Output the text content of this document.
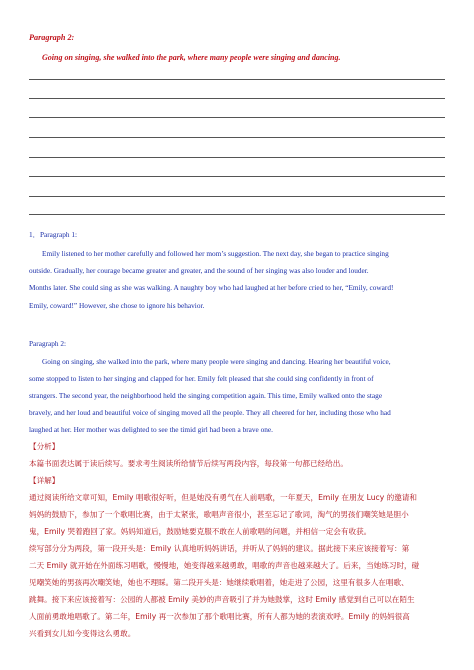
Paragraph 2:
Going on singing, she walked into the park, where many people were singing and dancing.
1．Paragraph 1:
Emily listened to her mother carefully and followed her mom’s suggestion. The next day, she began to practice singing
outside. Gradually, her courage became greater and greater, and the sound of her singing was also louder and louder.
Months later. She could sing as she was walking. A naughty boy who had laughed at her before cried to her, “Emily, coward!
Emily, coward!” However, she chose to ignore his behavior.
Paragraph 2:
Going on singing, she walked into the park, where many people were singing and dancing. Hearing her beautiful voice,
some stopped to listen to her singing and clapped for her. Emily felt pleased that she could sing confidently in front of
strangers. The second year, the neighborhood held the singing competition again. This time, Emily walked onto the stage
bravely, and her loud and beautiful voice of singing moved all the people. They all cheered for her, including those who had
laughed at her. Her mother was delighted to see the timid girl had been a brave one.
【分析】
本篇书面表达属于读后续写。要求考生阅读所给情节后续写两段内容，每段第一句都已经给出。
【详解】
通过阅读所给文章可知，Emily 唱歌很好听，但是她没有勇气在人前唱歌，一年夏天，Emily 在朋友 Lucy 的邀请和
妈妈的鼓励下，参加了一个歌唱比赛，由于太紧张，歌唱声音很小，甚至忘记了歌词，淘气的男孩们嘲笑她是胆小
鬼，Emily 哭着跑回了家。妈妈知道后，鼓励她要克服不敢在人前歌唱的问题，并相信一定会有收获。
续写部分分为两段，第一段开头是：Emily 认真地听妈妈讲话，并听从了妈妈的建议。据此接下来应该接着写：第
二天 Emily 就开始在外面练习唱歌，慢慢地，她变得越来越勇敢，唱歌的声音也越来越大了。后来，当她练习时，碰
见嘲笑她的男孩再次嘲笑她，她也不理睬。第二段开头是：她继续歌唱着，她走进了公园，这里有很多人在唱歌、
跳舞。接下来应该接着写：公园的人都被 Emily 美妙的声音吸引了并为她鼓掌，这时 Emily 感觉到自己可以在陌生
人面前勇敢地唱歌了。第二年，Emily 再一次参加了那个歌唱比赛，所有人都为她的表演欢呼。Emily 的妈妈很高
兴看到女儿如今变得这么勇敢。
